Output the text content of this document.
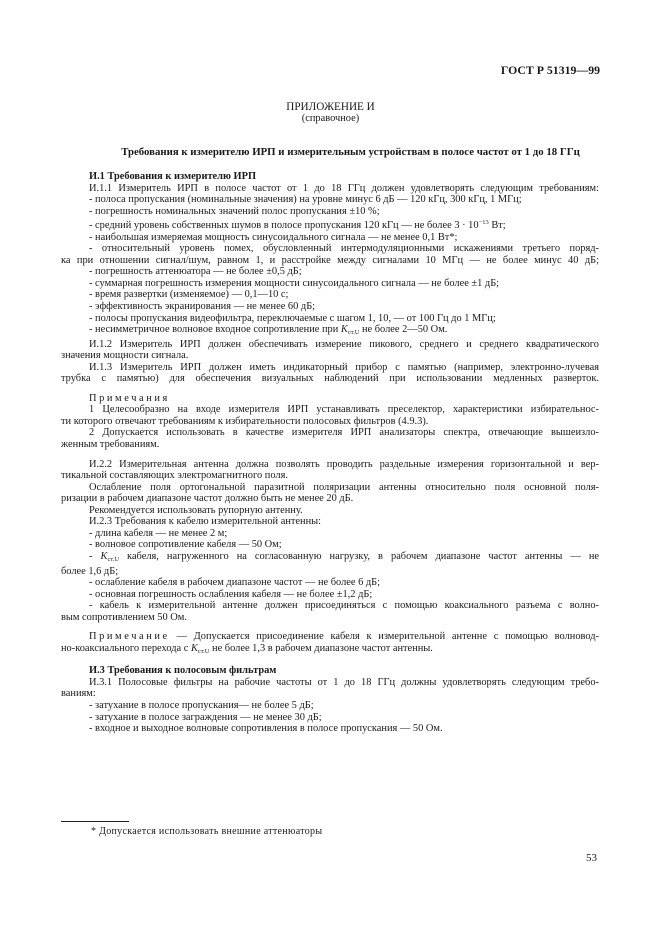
ГОСТ Р 51319—99
ПРИЛОЖЕНИЕ И
(справочное)
Требования к измерителю ИРП и измерительным устройствам в полосе частот от 1 до 18 ГГц
И.1 Требования к измерителю ИРП
И.1.1 Измеритель ИРП в полосе частот от 1 до 18 ГГц должен удовлетворять следующим требованиям:
- полоса пропускания (номинальные значения) на уровне минус 6 дБ — 120 кГц, 300 кГц, 1 МГц;
- погрешность номинальных значений полос пропускания ±10 %;
- средний уровень собственных шумов в полосе пропускания 120 кГц — не более $3 \cdot 10^{-13}$ Вт;
- наибольшая измеряемая мощность синусоидального сигнала — не менее 0,1 Вт*;
- относительный уровень помех, обусловленный интермодуляционными искажениями третьего поряд-
ка при отношении сигнал/шум, равном 1, и расстройке между сигналами 10 МГц — не более минус 40 дБ;
- погрешность аттенюатора — не более ±0,5 дБ;
- суммарная погрешность измерения мощности синусоидального сигнала — не более ±1 дБ;
- время развертки (изменяемое) — 0,1—10 с;
- эффективность экранирования — не менее 60 дБ;
- полосы пропускания видеофильтра, переключаемые с шагом 1, 10, — от 100 Гц до 1 МГц;
- несимметричное волновое входное сопротивление при $K_{ст.U}$ не более 2—50 Ом.
И.1.2 Измеритель ИРП должен обеспечивать измерение пикового, среднего и среднего квадратического
значения мощности сигнала.
И.1.3 Измеритель ИРП должен иметь индикаторный прибор с памятью (например, электронно-лучевая
трубка с памятью) для обеспечения визуальных наблюдений при использовании медленных разверток.
Примечания
1 Целесообразно на входе измерителя ИРП устанавливать преселектор, характеристики избирательнос-
ти которого отвечают требованиям к избирательности полосовых фильтров (4.9.3).
2 Допускается использовать в качестве измерителя ИРП анализаторы спектра, отвечающие вышеизло-
женным требованиям.
И.2.2 Измерительная антенна должна позволять проводить раздельные измерения горизонтальной и вер-
тикальной составляющих электромагнитного поля.
Ослабление поля ортогональной паразитной поляризации антенны относительно поля основной поля-
ризации в рабочем диапазоне частот должно быть не менее 20 дБ.
Рекомендуется использовать рупорную антенну.
И.2.3 Требования к кабелю измерительной антенны:
- длина кабеля — не менее 2 м;
- волновое сопротивление кабеля — 50 Ом;
- $K_{ст.U}$ кабеля, нагруженного на согласованную нагрузку, в рабочем диапазоне частот антенны — не
более 1,6 дБ;
- ослабление кабеля в рабочем диапазоне частот — не более 6 дБ;
- основная погрешность ослабления кабеля — не более ±1,2 дБ;
- кабель к измерительной антенне должен присоединяться с помощью коаксиального разъема с волно-
вым сопротивлением 50 Ом.
Примечание — Допускается присоединение кабеля к измерительной антенне с помощью волновод-
но-коаксиального перехода с $K_{ст.U}$ не более 1,3 в рабочем диапазоне частот антенны.
И.3 Требования к полосовым фильтрам
И.3.1 Полосовые фильтры на рабочие частоты от 1 до 18 ГГц должны удовлетворять следующим требо-
ваниям:
- затухание в полосе пропускания— не более 5 дБ;
- затухание в полосе заграждения — не менее 30 дБ;
- входное и выходное волновые сопротивления в полосе пропускания — 50 Ом.
* Допускается использовать внешние аттенюаторы
53
